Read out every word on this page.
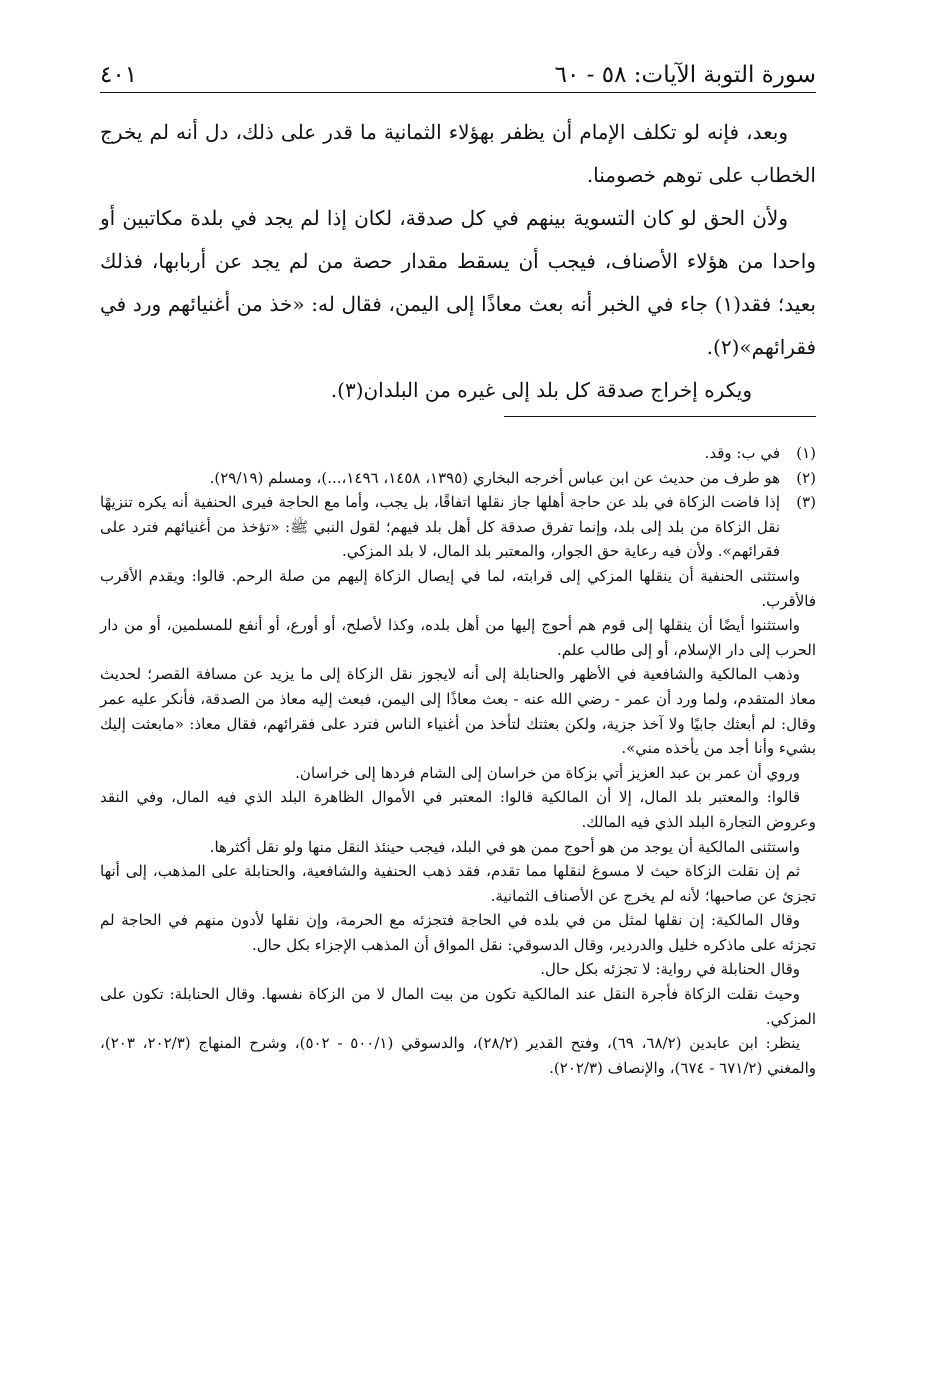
سورة التوبة الآيات: ٥٨ - ٦٠
٤٠١

وبعد، فإنه لو تكلف الإمام أن يظفر بهؤلاء الثمانية ما قدر على ذلك، دل أنه لم يخرج الخطاب على توهم خصومنا.

ولأن الحق لو كان التسوية بينهم في كل صدقة، لكان إذا لم يجد في بلدة مكاتبين أو واحدا من هؤلاء الأصناف، فيجب أن يسقط مقدار حصة من لم يجد عن أربابها، فذلك بعيد؛ فقد(١) جاء في الخبر أنه بعث معاذًا إلى اليمن، فقال له: «خذ من أغنيائهم ورد في فقرائهم»(٢).

ويكره إخراج صدقة كل بلد إلى غيره من البلدان(٣).

(١)

في ب: وقد.

(٢)

هو طرف من حديث عن ابن عباس أخرجه البخاري (١٣٩٥، ١٤٥٨، ١٤٩٦،...)، ومسلم (٢٩/١٩).

(٣)

إذا فاضت الزكاة في بلد عن حاجة أهلها جاز نقلها اتفاقًا، بل يجب، وأما مع الحاجة فيرى الحنفية أنه يكره تنزيهًا نقل الزكاة من بلد إلى بلد، وإنما تفرق صدقة كل أهل بلد فيهم؛ لقول النبي ﷺ: «تؤخذ من أغنيائهم فترد على فقرائهم». ولأن فيه رعاية حق الجوار، والمعتبر بلد المال، لا بلد المزكي.

واستثنى الحنفية أن ينقلها المزكي إلى قرابته، لما في إيصال الزكاة إليهم من صلة الرحم. قالوا: ويقدم الأقرب فالأقرب.

واستثنوا أيضًا أن ينقلها إلى قوم هم أحوج إليها من أهل بلده، وكذا لأصلح، أو أورع، أو أنفع للمسلمين، أو من دار الحرب إلى دار الإسلام، أو إلى طالب علم.

وذهب المالكية والشافعية في الأظهر والحنابلة إلى أنه لايجوز نقل الزكاة إلى ما يزيد عن مسافة القصر؛ لحديث معاذ المتقدم، ولما ورد أن عمر - رضي الله عنه - بعث معاذًا إلى اليمن، فبعث إليه معاذ من الصدقة، فأنكر عليه عمر وقال: لم أبعثك جابيًا ولا آخذ جزية، ولكن بعثتك لتأخذ من أغنياء الناس فترد على فقرائهم، فقال معاذ: «مابعثت إليك بشيء وأنا أجد من يأخذه مني».

وروي أن عمر بن عبد العزيز أتي بزكاة من خراسان إلى الشام فردها إلى خراسان.

قالوا: والمعتبر بلد المال، إلا أن المالكية قالوا: المعتبر في الأموال الظاهرة البلد الذي فيه المال، وفي النقد وعروض التجارة البلد الذي فيه المالك.

واستثنى المالكية أن يوجد من هو أحوج ممن هو في البلد، فيجب حينئذ النقل منها ولو نقل أكثرها.

ثم إن نقلت الزكاة حيث لا مسوغ لنقلها مما تقدم، فقد ذهب الحنفية والشافعية، والحنابلة على المذهب، إلى أنها تجزئ عن صاحبها؛ لأنه لم يخرج عن الأصناف الثمانية.

وقال المالكية: إن نقلها لمثل من في بلده في الحاجة فتجزئه مع الحرمة، وإن نقلها لأدون منهم في الحاجة لم تجزئه على ماذكره خليل والدردير، وقال الدسوقي: نقل المواق أن المذهب الإجزاء بكل حال.

وقال الحنابلة في رواية: لا تجزئه بكل حال.

وحيث نقلت الزكاة فأجرة النقل عند المالكية تكون من بيت المال لا من الزكاة نفسها. وقال الحنابلة: تكون على المزكي.

ينظر: ابن عابدين (٦٨/٢، ٦٩)، وفتح القدير (٢٨/٢)، والدسوقي (٥٠٠/١ - ٥٠٢)، وشرح المنهاج (٢٠٢/٣، ٢٠٣)، والمغني (٦٧١/٢ - ٦٧٤)، والإنصاف (٢٠٢/٣).
